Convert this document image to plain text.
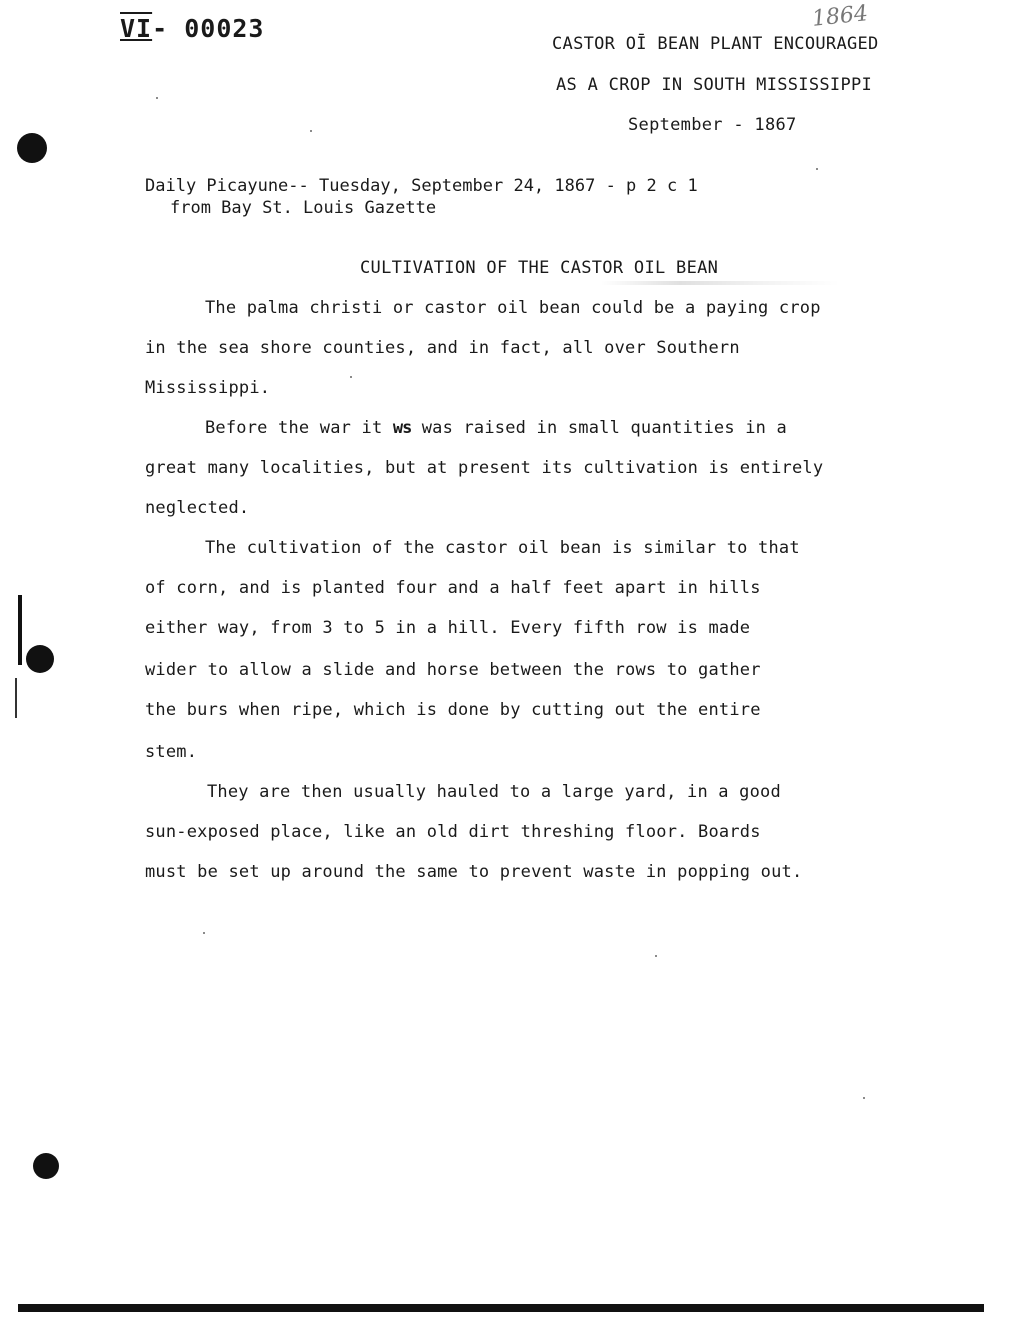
VI- 00023	1864
CASTOR OĪ BEAN PLANT ENCOURAGED
AS A CROP IN SOUTH MISSISSIPPI
September - 1867
Daily Picayune-- Tuesday, September 24, 1867 - p 2 c 1
from Bay St. Louis Gazette
CULTIVATION OF THE CASTOR OIL BEAN
The palma christi or castor oil bean could be a paying crop
in the sea shore counties, and in fact, all over Southern
Mississippi.
Before the war it ws was raised in small quantities in a
great many localities, but at present its cultivation is entirely
neglected.
The cultivation of the castor oil bean is similar to that
of corn, and is planted four and a half feet apart in hills
either way, from 3 to 5 in a hill. Every fifth row is made
wider to allow a slide and horse between the rows to gather
the burs when ripe, which is done by cutting out the entire
stem.
They are then usually hauled to a large yard, in a good
sun-exposed place, like an old dirt threshing floor. Boards
must be set up around the same to prevent waste in popping out.
